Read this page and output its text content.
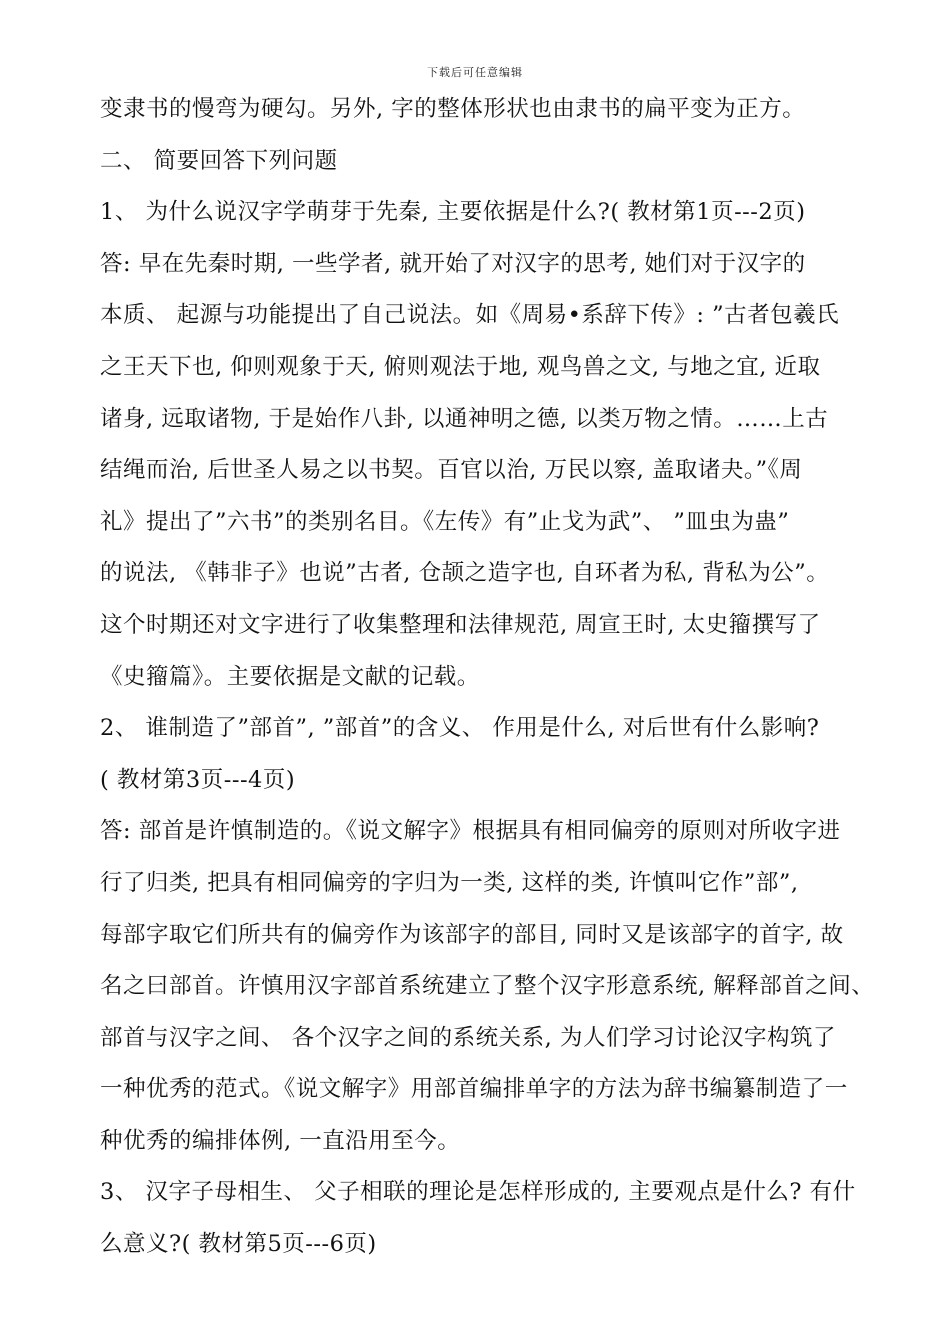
下载后可任意编辑
变隶书的慢弯为硬勾。另外, 字的整体形状也由隶书的扁平变为正方。
二、 简要回答下列问题
1、 为什么说汉字学萌芽于先秦, 主要依据是什么?( 教材第1页---2页)
答: 早在先秦时期, 一些学者, 就开始了对汉字的思考, 她们对于汉字的
本质、 起源与功能提出了自己说法。如《周易•系辞下传》: ”古者包羲氏
之王天下也, 仰则观象于天, 俯则观法于地, 观鸟兽之文, 与地之宜, 近取
诸身, 远取诸物, 于是始作八卦, 以通神明之德, 以类万物之情。……上古
结绳而治, 后世圣人易之以书契。百官以治, 万民以察, 盖取诸夬。”《周
礼》提出了”六书”的类别名目。《左传》有”止戈为武”、 ”皿虫为蛊”
的说法, 《韩非子》也说”古者, 仓颉之造字也, 自环者为私, 背私为公”。
这个时期还对文字进行了收集整理和法律规范, 周宣王时, 太史籀撰写了
《史籀篇》。主要依据是文献的记载。
2、 谁制造了”部首”, ”部首”的含义、 作用是什么, 对后世有什么影响?
( 教材第3页---4页)
答: 部首是许慎制造的。《说文解字》根据具有相同偏旁的原则对所收字进
行了归类, 把具有相同偏旁的字归为一类, 这样的类, 许慎叫它作”部”,
每部字取它们所共有的偏旁作为该部字的部目, 同时又是该部字的首字, 故
名之曰部首。许慎用汉字部首系统建立了整个汉字形意系统, 解释部首之间、
部首与汉字之间、 各个汉字之间的系统关系, 为人们学习讨论汉字构筑了
一种优秀的范式。《说文解字》用部首编排单字的方法为辞书编纂制造了一
种优秀的编排体例, 一直沿用至今。
3、 汉字子母相生、 父子相联的理论是怎样形成的, 主要观点是什么? 有什
么意义?( 教材第5页---6页)
